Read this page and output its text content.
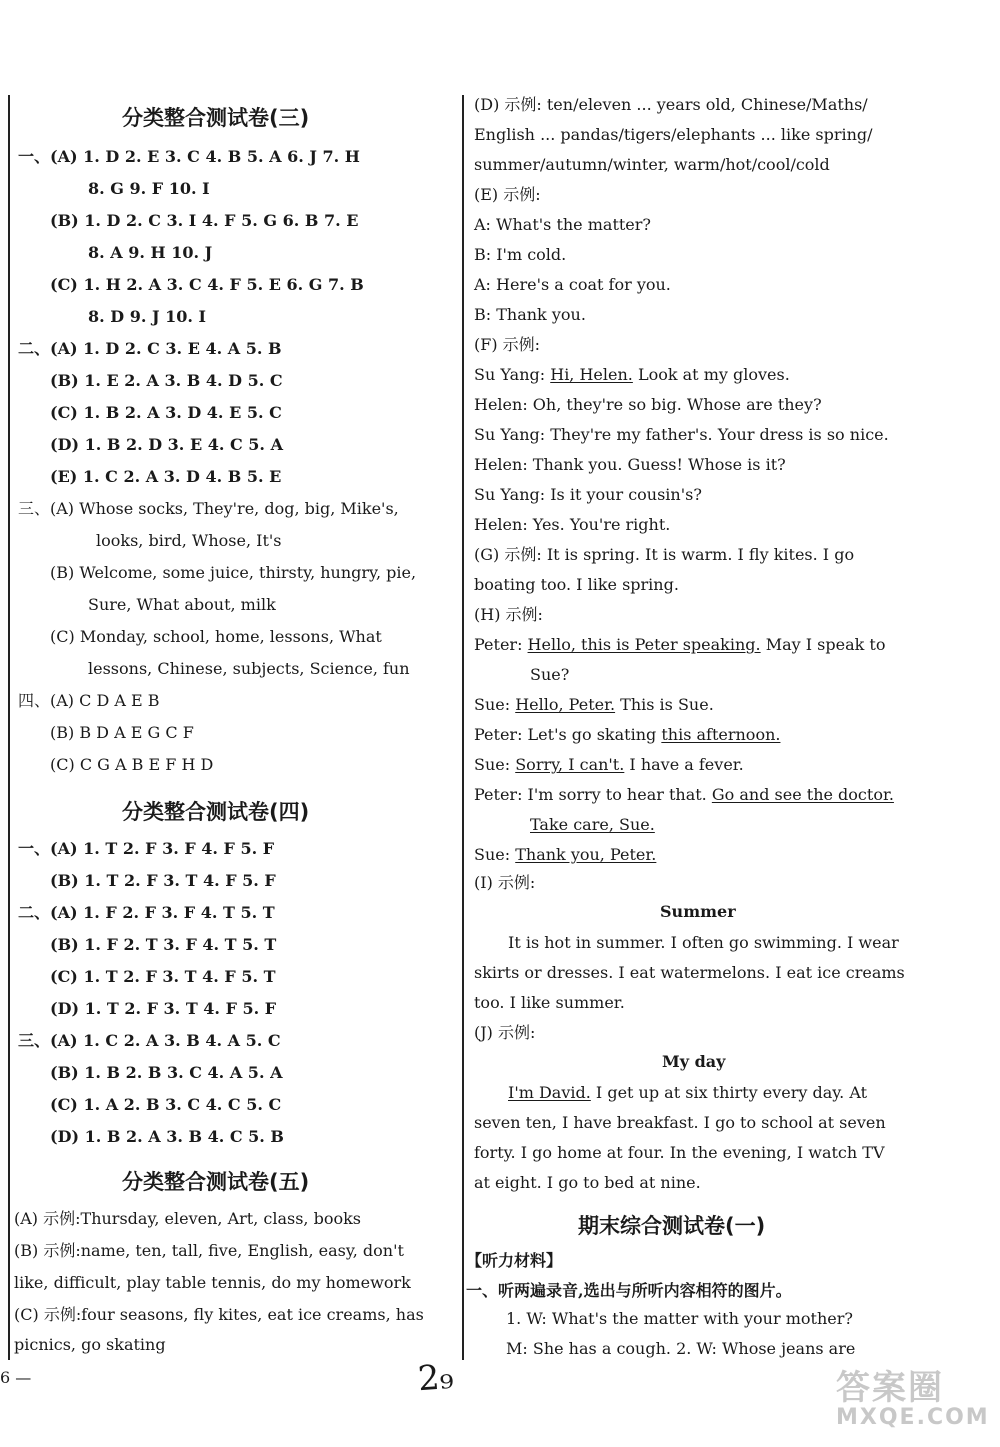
分类整合测试卷(三)
一、(A) 1. D 2. E 3. C 4. B 5. A 6. J 7. H
8. G 9. F 10. I
(B) 1. D 2. C 3. I 4. F 5. G 6. B 7. E
8. A 9. H 10. J
(C) 1. H 2. A 3. C 4. F 5. E 6. G 7. B
8. D 9. J 10. I
二、(A) 1. D 2. C 3. E 4. A 5. B
(B) 1. E 2. A 3. B 4. D 5. C
(C) 1. B 2. A 3. D 4. E 5. C
(D) 1. B 2. D 3. E 4. C 5. A
(E) 1. C 2. A 3. D 4. B 5. E
三、(A) Whose socks, They're, dog, big, Mike's,
looks, bird, Whose, It's
(B) Welcome, some juice, thirsty, hungry, pie,
Sure, What about, milk
(C) Monday, school, home, lessons, What
lessons, Chinese, subjects, Science, fun
四、(A) C D A E B
(B) B D A E G C F
(C) C G A B E F H D
分类整合测试卷(四)
一、(A) 1. T 2. F 3. F 4. F 5. F
(B) 1. T 2. F 3. T 4. F 5. F
二、(A) 1. F 2. F 3. F 4. T 5. T
(B) 1. F 2. T 3. F 4. T 5. T
(C) 1. T 2. F 3. T 4. F 5. T
(D) 1. T 2. F 3. T 4. F 5. F
三、(A) 1. C 2. A 3. B 4. A 5. C
(B) 1. B 2. B 3. C 4. A 5. A
(C) 1. A 2. B 3. C 4. C 5. C
(D) 1. B 2. A 3. B 4. C 5. B
分类整合测试卷(五)
(A) 示例:Thursday, eleven, Art, class, books
(B) 示例:name, ten, tall, five, English, easy, don't
like, difficult, play table tennis, do my homework
(C) 示例:four seasons, fly kites, eat ice creams, has
picnics, go skating
(D) 示例: ten/eleven ... years old, Chinese/Maths/
English ... pandas/tigers/elephants ... like spring/
summer/autumn/winter, warm/hot/cool/cold
(E) 示例:
A: What's the matter?
B: I'm cold.
A: Here's a coat for you.
B: Thank you.
(F) 示例:
Su Yang: Hi, Helen. Look at my gloves.
Helen: Oh, they're so big. Whose are they?
Su Yang: They're my father's. Your dress is so nice.
Helen: Thank you. Guess! Whose is it?
Su Yang: Is it your cousin's?
Helen: Yes. You're right.
(G) 示例: It is spring. It is warm. I fly kites. I go
boating too. I like spring.
(H) 示例:
Peter: Hello, this is Peter speaking. May I speak to
Sue?
Sue: Hello, Peter. This is Sue.
Peter: Let's go skating this afternoon.
Sue: Sorry, I can't. I have a fever.
Peter: I'm sorry to hear that. Go and see the doctor.
Take care, Sue.
Sue: Thank you, Peter.
(I) 示例:
Summer
It is hot in summer. I often go swimming. I wear
skirts or dresses. I eat watermelons. I eat ice creams
too. I like summer.
(J) 示例:
My day
I'm David. I get up at six thirty every day. At
seven ten, I have breakfast. I go to school at seven
forty. I go home at four. In the evening, I watch TV
at eight. I go to bed at nine.
期末综合测试卷(一)
【听力材料】
一、听两遍录音,选出与所听内容相符的图片。
1. W: What's the matter with your mother?
M: She has a cough. 2. W: Whose jeans are
6 —	2₉	答案圈
MXQE.COM
